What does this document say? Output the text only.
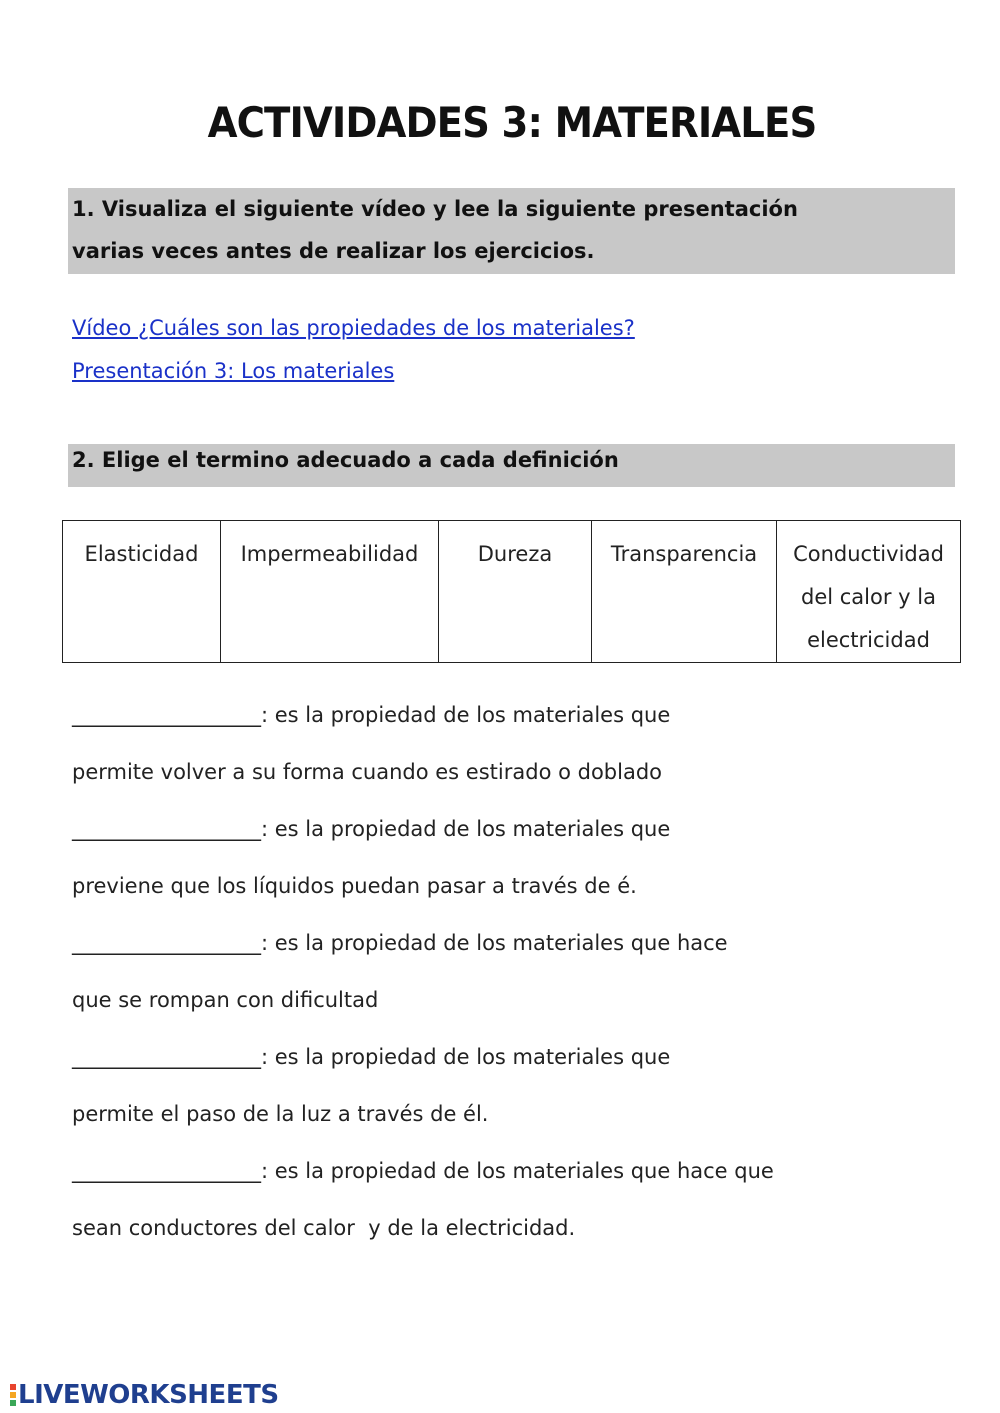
ACTIVIDADES 3: MATERIALES
1. Visualiza el siguiente vídeo y lee la siguiente presentación
varias veces antes de realizar los ejercicios.
Vídeo ¿Cuáles son las propiedades de los materiales?
Presentación 3: Los materiales
2. Elige el termino adecuado a cada definición
Elasticidad	Impermeabilidad	Dureza	Transparencia	Conductividad
del calor y la
electricidad
__________________: es la propiedad de los materiales que
permite volver a su forma cuando es estirado o doblado
__________________: es la propiedad de los materiales que
previene que los líquidos puedan pasar a través de é.
__________________: es la propiedad de los materiales que hace
que se rompan con dificultad
__________________: es la propiedad de los materiales que
permite el paso de la luz a través de él.
__________________: es la propiedad de los materiales que hace que
sean conductores del calor  y de la electricidad.
LIVEWORKSHEETS
